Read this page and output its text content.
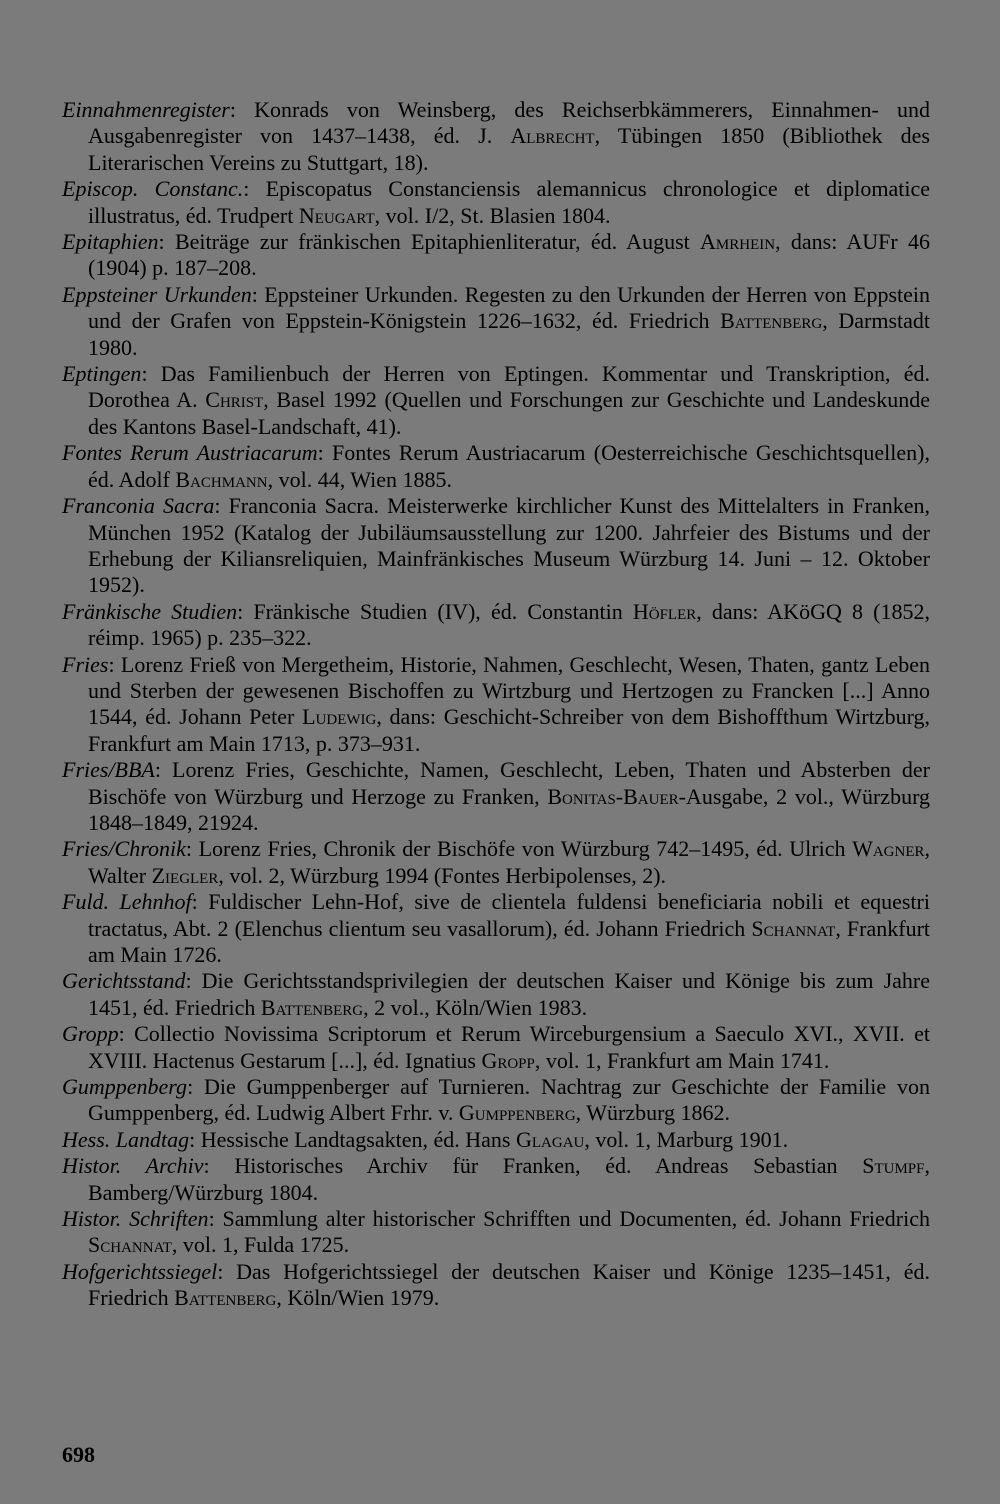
Einnahmenregister: Konrads von Weinsberg, des Reichserbkämmerers, Einnahmen- und Ausgabenregister von 1437–1438, éd. J. Albrecht, Tübingen 1850 (Bibliothek des Literarischen Vereins zu Stuttgart, 18).

Episcop. Constanc.: Episcopatus Constanciensis alemannicus chronologice et diplomatice illustratus, éd. Trudpert Neugart, vol. I/2, St. Blasien 1804.

Epitaphien: Beiträge zur fränkischen Epitaphienliteratur, éd. August Amrhein, dans: AUFr 46 (1904) p. 187–208.

Eppsteiner Urkunden: Eppsteiner Urkunden. Regesten zu den Urkunden der Herren von Eppstein und der Grafen von Eppstein-Königstein 1226–1632, éd. Friedrich Battenberg, Darmstadt 1980.

Eptingen: Das Familienbuch der Herren von Eptingen. Kommentar und Transkription, éd. Dorothea A. Christ, Basel 1992 (Quellen und Forschungen zur Geschichte und Landeskunde des Kantons Basel-Landschaft, 41).

Fontes Rerum Austriacarum: Fontes Rerum Austriacarum (Oesterreichische Geschichtsquellen), éd. Adolf Bachmann, vol. 44, Wien 1885.

Franconia Sacra: Franconia Sacra. Meisterwerke kirchlicher Kunst des Mittelalters in Franken, München 1952 (Katalog der Jubiläumsausstellung zur 1200. Jahrfeier des Bistums und der Erhebung der Kiliansreliquien, Mainfränkisches Museum Würzburg 14. Juni – 12. Oktober 1952).

Fränkische Studien: Fränkische Studien (IV), éd. Constantin Höfler, dans: AKöGQ 8 (1852, réimp. 1965) p. 235–322.

Fries: Lorenz Frieß von Mergetheim, Historie, Nahmen, Geschlecht, Wesen, Thaten, gantz Leben und Sterben der gewesenen Bischoffen zu Wirtzburg und Hertzogen zu Francken [...] Anno 1544, éd. Johann Peter Ludewig, dans: Geschicht-Schreiber von dem Bishoffthum Wirtzburg, Frankfurt am Main 1713, p. 373–931.

Fries/BBA: Lorenz Fries, Geschichte, Namen, Geschlecht, Leben, Thaten und Absterben der Bischöfe von Würzburg und Herzoge zu Franken, Bonitas-Bauer-Ausgabe, 2 vol., Würzburg 1848–1849, 21924.

Fries/Chronik: Lorenz Fries, Chronik der Bischöfe von Würzburg 742–1495, éd. Ulrich Wagner, Walter Ziegler, vol. 2, Würzburg 1994 (Fontes Herbipolenses, 2).

Fuld. Lehnhof: Fuldischer Lehn-Hof, sive de clientela fuldensi beneficiaria nobili et equestri tractatus, Abt. 2 (Elenchus clientum seu vasallorum), éd. Johann Friedrich Schannat, Frankfurt am Main 1726.

Gerichtsstand: Die Gerichtsstandsprivilegien der deutschen Kaiser und Könige bis zum Jahre 1451, éd. Friedrich Battenberg, 2 vol., Köln/Wien 1983.

Gropp: Collectio Novissima Scriptorum et Rerum Wirceburgensium a Saeculo XVI., XVII. et XVIII. Hactenus Gestarum [...], éd. Ignatius Gropp, vol. 1, Frankfurt am Main 1741.

Gumppenberg: Die Gumppenberger auf Turnieren. Nachtrag zur Geschichte der Familie von Gumppenberg, éd. Ludwig Albert Frhr. v. Gumppenberg, Würzburg 1862.

Hess. Landtag: Hessische Landtagsakten, éd. Hans Glagau, vol. 1, Marburg 1901.

Histor. Archiv: Historisches Archiv für Franken, éd. Andreas Sebastian Stumpf, Bamberg/Würzburg 1804.

Histor. Schriften: Sammlung alter historischer Schrifften und Documenten, éd. Johann Friedrich Schannat, vol. 1, Fulda 1725.

Hofgerichtssiegel: Das Hofgerichtssiegel der deutschen Kaiser und Könige 1235–1451, éd. Friedrich Battenberg, Köln/Wien 1979.

698
